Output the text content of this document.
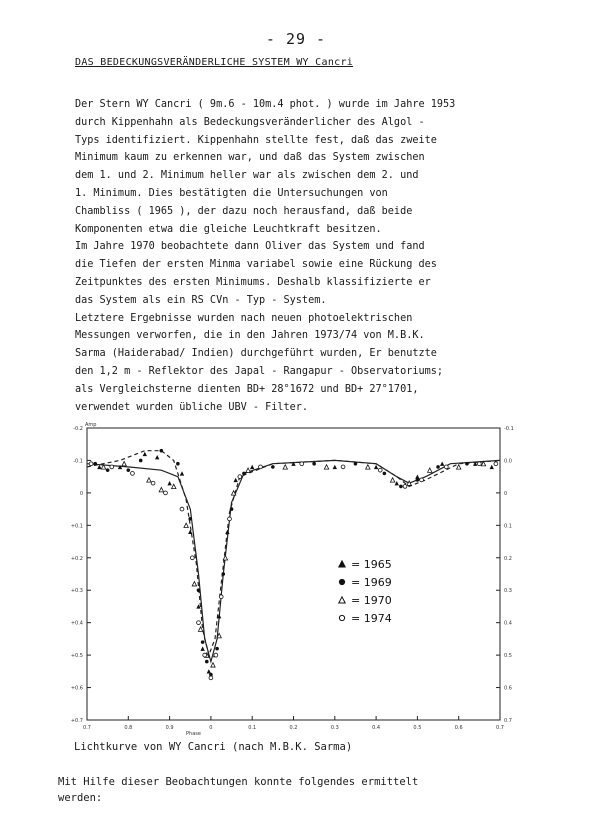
- 29 -
DAS BEDECKUNGSVERÄNDERLICHE SYSTEM WY Cancri
Der Stern WY Cancri ( 9m.6 - 10m.4 phot. ) wurde im Jahre 1953
durch Kippenhahn als Bedeckungsveränderlicher des Algol -
Typs identifiziert. Kippenhahn stellte fest, daß das zweite
Minimum kaum zu erkennen war, und daß das System zwischen
dem 1. und 2. Minimum heller war als zwischen dem 2. und
1. Minimum. Dies bestätigten die Untersuchungen von
Chambliss ( 1965 ), der dazu noch herausfand, daß beide
Komponenten etwa die gleiche Leuchtkraft besitzen.
Im Jahre 1970 beobachtete dann Oliver das System und fand
die Tiefen der ersten Minma variabel sowie eine Rückung des
Zeitpunktes des ersten Minimums. Deshalb klassifizierte er
das System als ein RS CVn - Typ - System.
Letztere Ergebnisse wurden nach neuen photoelektrischen
Messungen verworfen, die in den Jahren 1973/74 von M.B.K.
Sarma (Haiderabad/ Indien) durchgeführt wurden, Er benutzte
den 1,2 m - Reflektor des Japal - Rangapur - Observatoriums;
als Vergleichsterne dienten BD+ 28°1672 und BD+ 27°1701,
verwendet wurden übliche UBV - Filter.
0.7	0.8	0.9	0	0.1	0.2	0.3	0.4	0.5	0.6	0.7
-0.2
-0.1
0
+0.1
+0.2
+0.3
+0.4
+0.5
+0.6
+0.7
-0.1
0.0
0
0.1
0.2
0.3
0.4
0.5
0.6
0.7
Phase
Amp
= 1965
= 1969
= 1970
= 1974
Lichtkurve von WY Cancri (nach M.B.K. Sarma)
Mit Hilfe dieser Beobachtungen konnte folgendes ermittelt
werden:
